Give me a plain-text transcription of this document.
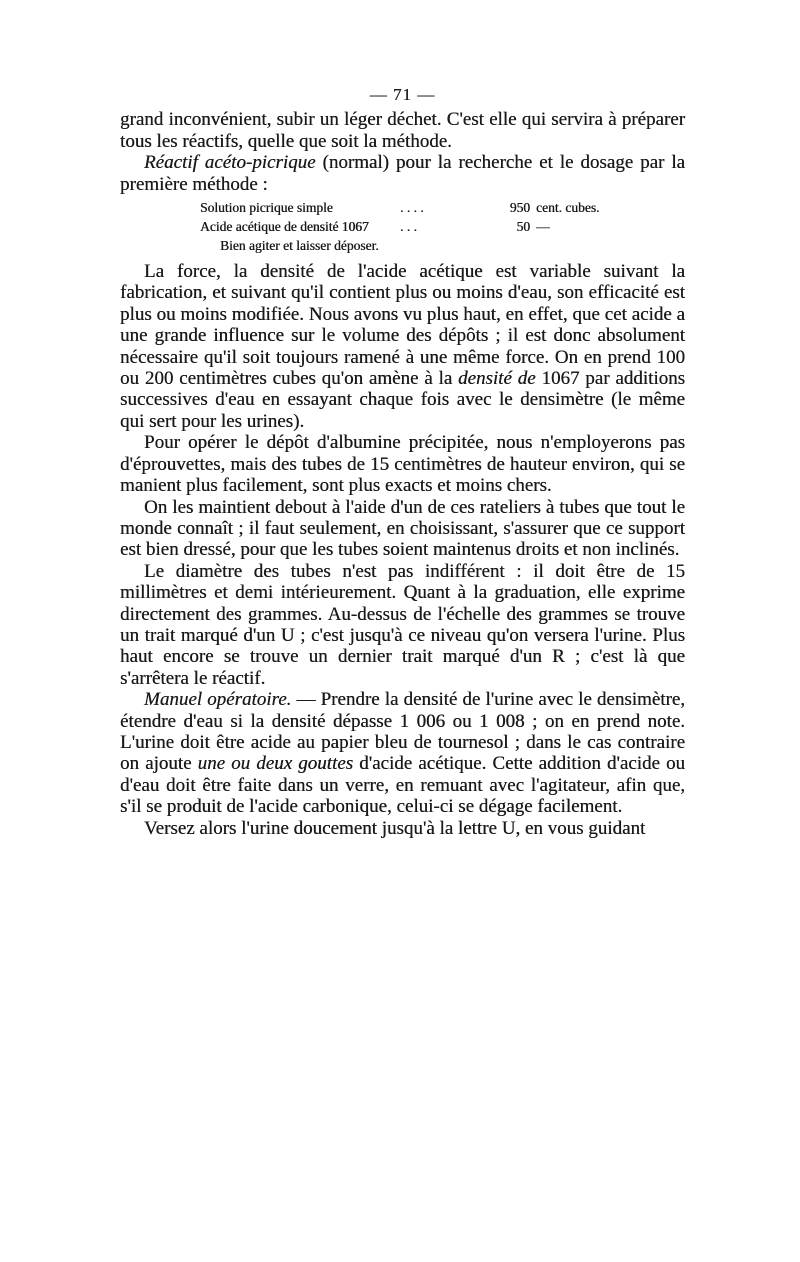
— 71 —

grand inconvénient, subir un léger déchet. C'est elle qui servira à préparer tous les réactifs, quelle que soit la méthode.

Réactif acéto-picrique (normal) pour la recherche et le dosage par la première méthode :

Solution picrique simple	. . . .	950 cent. cubes.
Acide acétique de densité 1067	. . .	50 —
Bien agiter et laisser déposer.

La force, la densité de l'acide acétique est variable suivant la fabrication, et suivant qu'il contient plus ou moins d'eau, son efficacité est plus ou moins modifiée. Nous avons vu plus haut, en effet, que cet acide a une grande influence sur le volume des dépôts ; il est donc absolument nécessaire qu'il soit toujours ramené à une même force. On en prend 100 ou 200 centimètres cubes qu'on amène à la densité de 1067 par additions successives d'eau en essayant chaque fois avec le densimètre (le même qui sert pour les urines).

Pour opérer le dépôt d'albumine précipitée, nous n'employerons pas d'éprouvettes, mais des tubes de 15 centimètres de hauteur environ, qui se manient plus facilement, sont plus exacts et moins chers.

On les maintient debout à l'aide d'un de ces rateliers à tubes que tout le monde connaît ; il faut seulement, en choisissant, s'assurer que ce support est bien dressé, pour que les tubes soient maintenus droits et non inclinés.

Le diamètre des tubes n'est pas indifférent : il doit être de 15 millimètres et demi intérieurement. Quant à la graduation, elle exprime directement des grammes. Au-dessus de l'échelle des grammes se trouve un trait marqué d'un U ; c'est jusqu'à ce niveau qu'on versera l'urine. Plus haut encore se trouve un dernier trait marqué d'un R ; c'est là que s'arrêtera le réactif.

Manuel opératoire. — Prendre la densité de l'urine avec le densimètre, étendre d'eau si la densité dépasse 1 006 ou 1 008 ; on en prend note. L'urine doit être acide au papier bleu de tournesol ; dans le cas contraire on ajoute une ou deux gouttes d'acide acétique. Cette addition d'acide ou d'eau doit être faite dans un verre, en remuant avec l'agitateur, afin que, s'il se produit de l'acide carbonique, celui-ci se dégage facilement.

Versez alors l'urine doucement jusqu'à la lettre U, en vous guidant
